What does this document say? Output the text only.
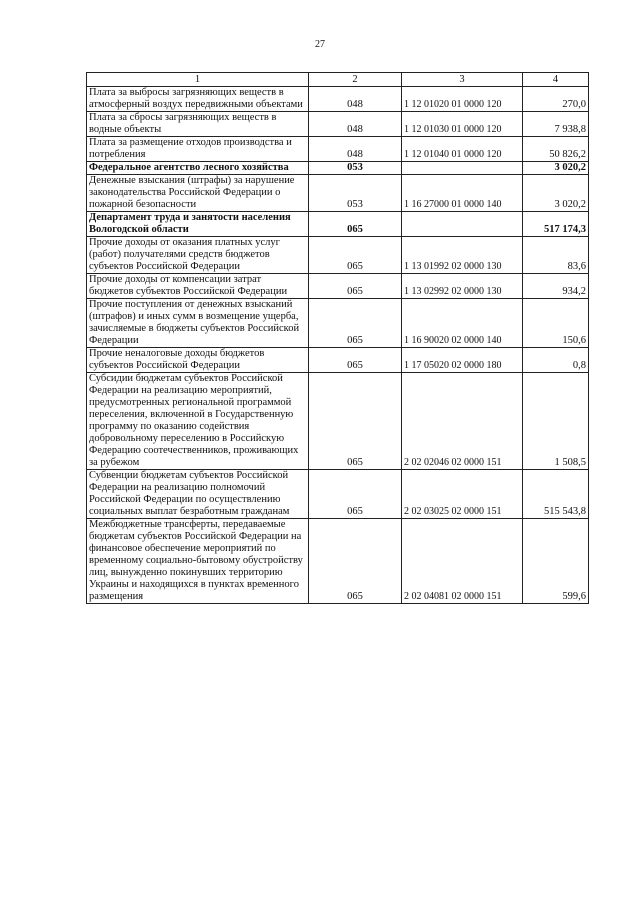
27
1	2	3	4
Плата за выбросы загрязняющих веществ в атмосферный воздух передвижными объектами	048	1 12 01020 01 0000 120	270,0
Плата за сбросы загрязняющих веществ в водные объекты	048	1 12 01030 01 0000 120	7 938,8
Плата за размещение отходов производства и потребления	048	1 12 01040 01 0000 120	50 826,2
Федеральное агентство лесного хозяйства	053		3 020,2
Денежные взыскания (штрафы) за нарушение законодательства Российской Федерации о пожарной безопасности	053	1 16 27000 01 0000 140	3 020,2
Департамент труда и занятости населения Вологодской области	065		517 174,3
Прочие доходы от оказания платных услуг (работ) получателями средств бюджетов субъектов Российской Федерации	065	1 13 01992 02 0000 130	83,6
Прочие доходы от компенсации затрат бюджетов субъектов Российской Федерации	065	1 13 02992 02 0000 130	934,2
Прочие поступления от денежных взысканий (штрафов) и иных сумм в возмещение ущерба, зачисляемые в бюджеты субъектов Российской Федерации	065	1 16 90020 02 0000 140	150,6
Прочие неналоговые доходы бюджетов субъектов Российской Федерации	065	1 17 05020 02 0000 180	0,8
Субсидии бюджетам субъектов Российской Федерации на реализацию мероприятий, предусмотренных региональной программой переселения, включенной в Государственную программу по оказанию содействия добровольному переселению в Российскую Федерацию соотечественников, проживающих за рубежом	065	2 02 02046 02 0000 151	1 508,5
Субвенции бюджетам субъектов Российской Федерации на реализацию полномочий Российской Федерации по осуществлению социальных выплат безработным гражданам	065	2 02 03025 02 0000 151	515 543,8
Межбюджетные трансферты, передаваемые бюджетам субъектов Российской Федерации на финансовое обеспечение мероприятий по временному социально-бытовому обустройству лиц, вынужденно покинувших территорию Украины и находящихся в пунктах временного размещения	065	2 02 04081 02 0000 151	599,6
